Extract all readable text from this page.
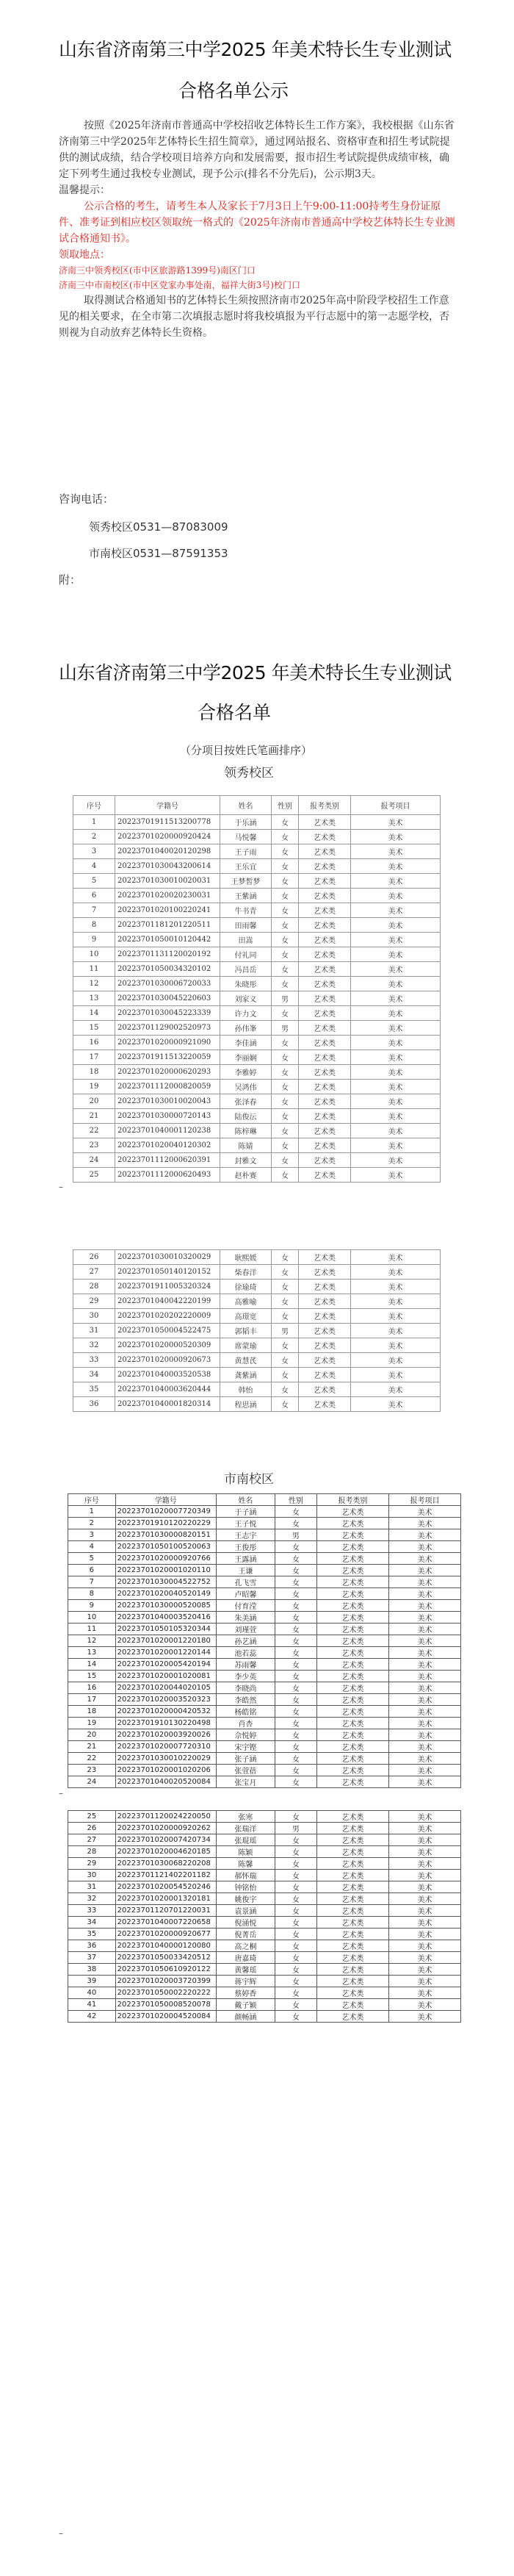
山东省济南第三中学2025 年美术特长生专业测试
合格名单公示

按照《2025年济南市普通高中学校招收艺体特长生工作方案》，我校根据《山东省济南第三中学2025年艺体特长生招生简章》，通过网站报名、资格审查和招生考试院提供的测试成绩，结合学校项目培养方向和发展需要，报市招生考试院提供成绩审核，确定下列考生通过我校专业测试，现予公示(排名不分先后)，公示期3天。

温馨提示：

公示合格的考生，请考生本人及家长于7月3日上午9:00-11:00持考生身份证原件、准考证到相应校区领取统一格式的《2025年济南市普通高中学校艺体特长生专业测试合格通知书》。

领取地点：

济南三中领秀校区(市中区旅游路1399号)南区门口

济南三中市南校区(市中区党家办事处南，福祥大街3号)校门口

取得测试合格通知书的艺体特长生须按照济南市2025年高中阶段学校招生工作意见的相关要求，在全市第二次填报志愿时将我校填报为平行志愿中的第一志愿学校，否则视为自动放弃艺体特长生资格。

咨询电话：
领秀校区0531—87083009
市南校区0531—87591353
附：
山东省济南第三中学2025 年美术特长生专业测试
合格名单
（分项目按姓氏笔画排序）
领秀校区
序号	学籍号	姓名	性别	报考类别	报考项目
1	20223701911513200778	于乐涵	女	艺术类	美术
2	20223701020000920424	马悦馨	女	艺术类	美术
3	20223701040020120298	王子雨	女	艺术类	美术
4	20223701030043200614	王乐宜	女	艺术类	美术
5	20223701030010020031	王梦皙梦	女	艺术类	美术
6	20223701020020230031	王紫涵	女	艺术类	美术
7	20223701020100220241	牛书青	女	艺术类	美术
8	20223701181201220511	田雨馨	女	艺术类	美术
9	20223701050010120442	田嵩	女	艺术类	美术
10	20223701131120020192	付礼同	女	艺术类	美术
11	20223701050034320102	冯昌岳	女	艺术类	美术
12	20223701030006720033	朱晓彤	女	艺术类	美术
13	20223701030045220603	刘家义	男	艺术类	美术
14	20223701030045223339	许力文	女	艺术类	美术
15	20223701129002520973	孙伟峯	男	艺术类	美术
16	20223701020000921090	李佳涵	女	艺术类	美术
17	20223701911513220059	李丽娴	女	艺术类	美术
18	20223701020000620293	李雅婷	女	艺术类	美术
19	20223701112000820059	吴鸿伟	女	艺术类	美术
20	20223701030010020043	张泽春	女	艺术类	美术
21	20223701030000720143	陆俊沄	女	艺术类	美术
22	20223701040001120238	陈梓琳	女	艺术类	美术
23	20223701020040120302	陈婧	女	艺术类	美术
24	20223701112000620391	封雅文	女	艺术类	美术
25	20223701112000620493	赵朴赛	女	艺术类	美术
–
26	20223701030010320029	耿熙媛	女	艺术类	美术
27	20223701050140120152	柴春洋	女	艺术类	美术
28	20223701911005320324	徐瑜琦	女	艺术类	美术
29	20223701040042220199	高雅喻	女	艺术类	美术
30	20223701020202220009	高璟宽	女	艺术类	美术
31	20223701050004522475	郭韬丰	男	艺术类	美术
32	20223701020000520309	席蒙瑜	女	艺术类	美术
33	20223701020000920673	黄慧芪	女	艺术类	美术
34	20223701040003520538	龚紫涵	女	艺术类	美术
35	20223701040003620444	韩怡	女	艺术类	美术
36	20223701040001820314	程思涵	女	艺术类	美术
市南校区
序号	学籍号	姓名	性别	报考类别	报考项目
1	20223701020007720349	于子涵	女	艺术类	美术
2	20223701910120220229	王子悦	女	艺术类	美术
3	20223701030000820151	王志宇	男	艺术类	美术
4	20223701050100520063	王俊彤	女	艺术类	美术
5	20223701020000920766	王露涵	女	艺术类	美术
6	20223701020001020110	王谦	女	艺术类	美术
7	20223701030004522752	孔飞雪	女	艺术类	美术
8	20223701020040520149	卢昭馨	女	艺术类	美术
9	20223701030000520085	付育滢	女	艺术类	美术
10	20223701040003520416	朱美涵	女	艺术类	美术
11	20223701050105320344	刘瑾萱	女	艺术类	美术
12	20223701020001220180	孙艺涵	女	艺术类	美术
13	20223701020001220144	池若蕊	女	艺术类	美术
14	20223701020005420194	苏雨馨	女	艺术类	美术
15	20223701020001020081	李少英	女	艺术类	美术
16	20223701020044020105	李晓尚	女	艺术类	美术
17	20223701020003520323	李皓然	女	艺术类	美术
18	20223701020000420532	杨皓铭	女	艺术类	美术
19	20223701910130220498	肖杏	女	艺术类	美术
20	20223701020003920026	佘悦婷	女	艺术类	美术
21	20223701020007720310	宋宇铿	女	艺术类	美术
22	20223701030010220029	张子涵	女	艺术类	美术
23	20223701020001020206	张萱蓓	女	艺术类	美术
24	20223701040020520084	张宝月	女	艺术类	美术
–
25	20223701120024220050	张寒	女	艺术类	美术
26	20223701020000920262	张瑞洋	男	艺术类	美术
27	20223701020007420734	张琨瑶	女	艺术类	美术
28	20223701020004620185	陈颖	女	艺术类	美术
29	20223701030068220208	陈馨	女	艺术类	美术
30	20223701121402201182	郝怀瑞	女	艺术类	美术
31	20223701020054520246	钟铭怡	女	艺术类	美术
32	20223701020001320181	姚俊宇	女	艺术类	美术
33	20223701120701220031	袁景涵	女	艺术类	美术
34	20223701040007220658	倪涌悦	女	艺术类	美术
35	20223701020000920677	倪菁岳	女	艺术类	美术
36	20223701040000120080	高之桐	女	艺术类	美术
37	20223701050033420512	唐嘉琦	女	艺术类	美术
38	20223701050610920122	黄馨瑶	女	艺术类	美术
39	20223701020003720399	蒋宇辉	女	艺术类	美术
40	20223701050002220222	蔡婷香	女	艺术类	美术
41	20223701050008520078	戴子颖	女	艺术类	美术
42	20223701020004520084	颜畅涵	女	艺术类	美术
–
